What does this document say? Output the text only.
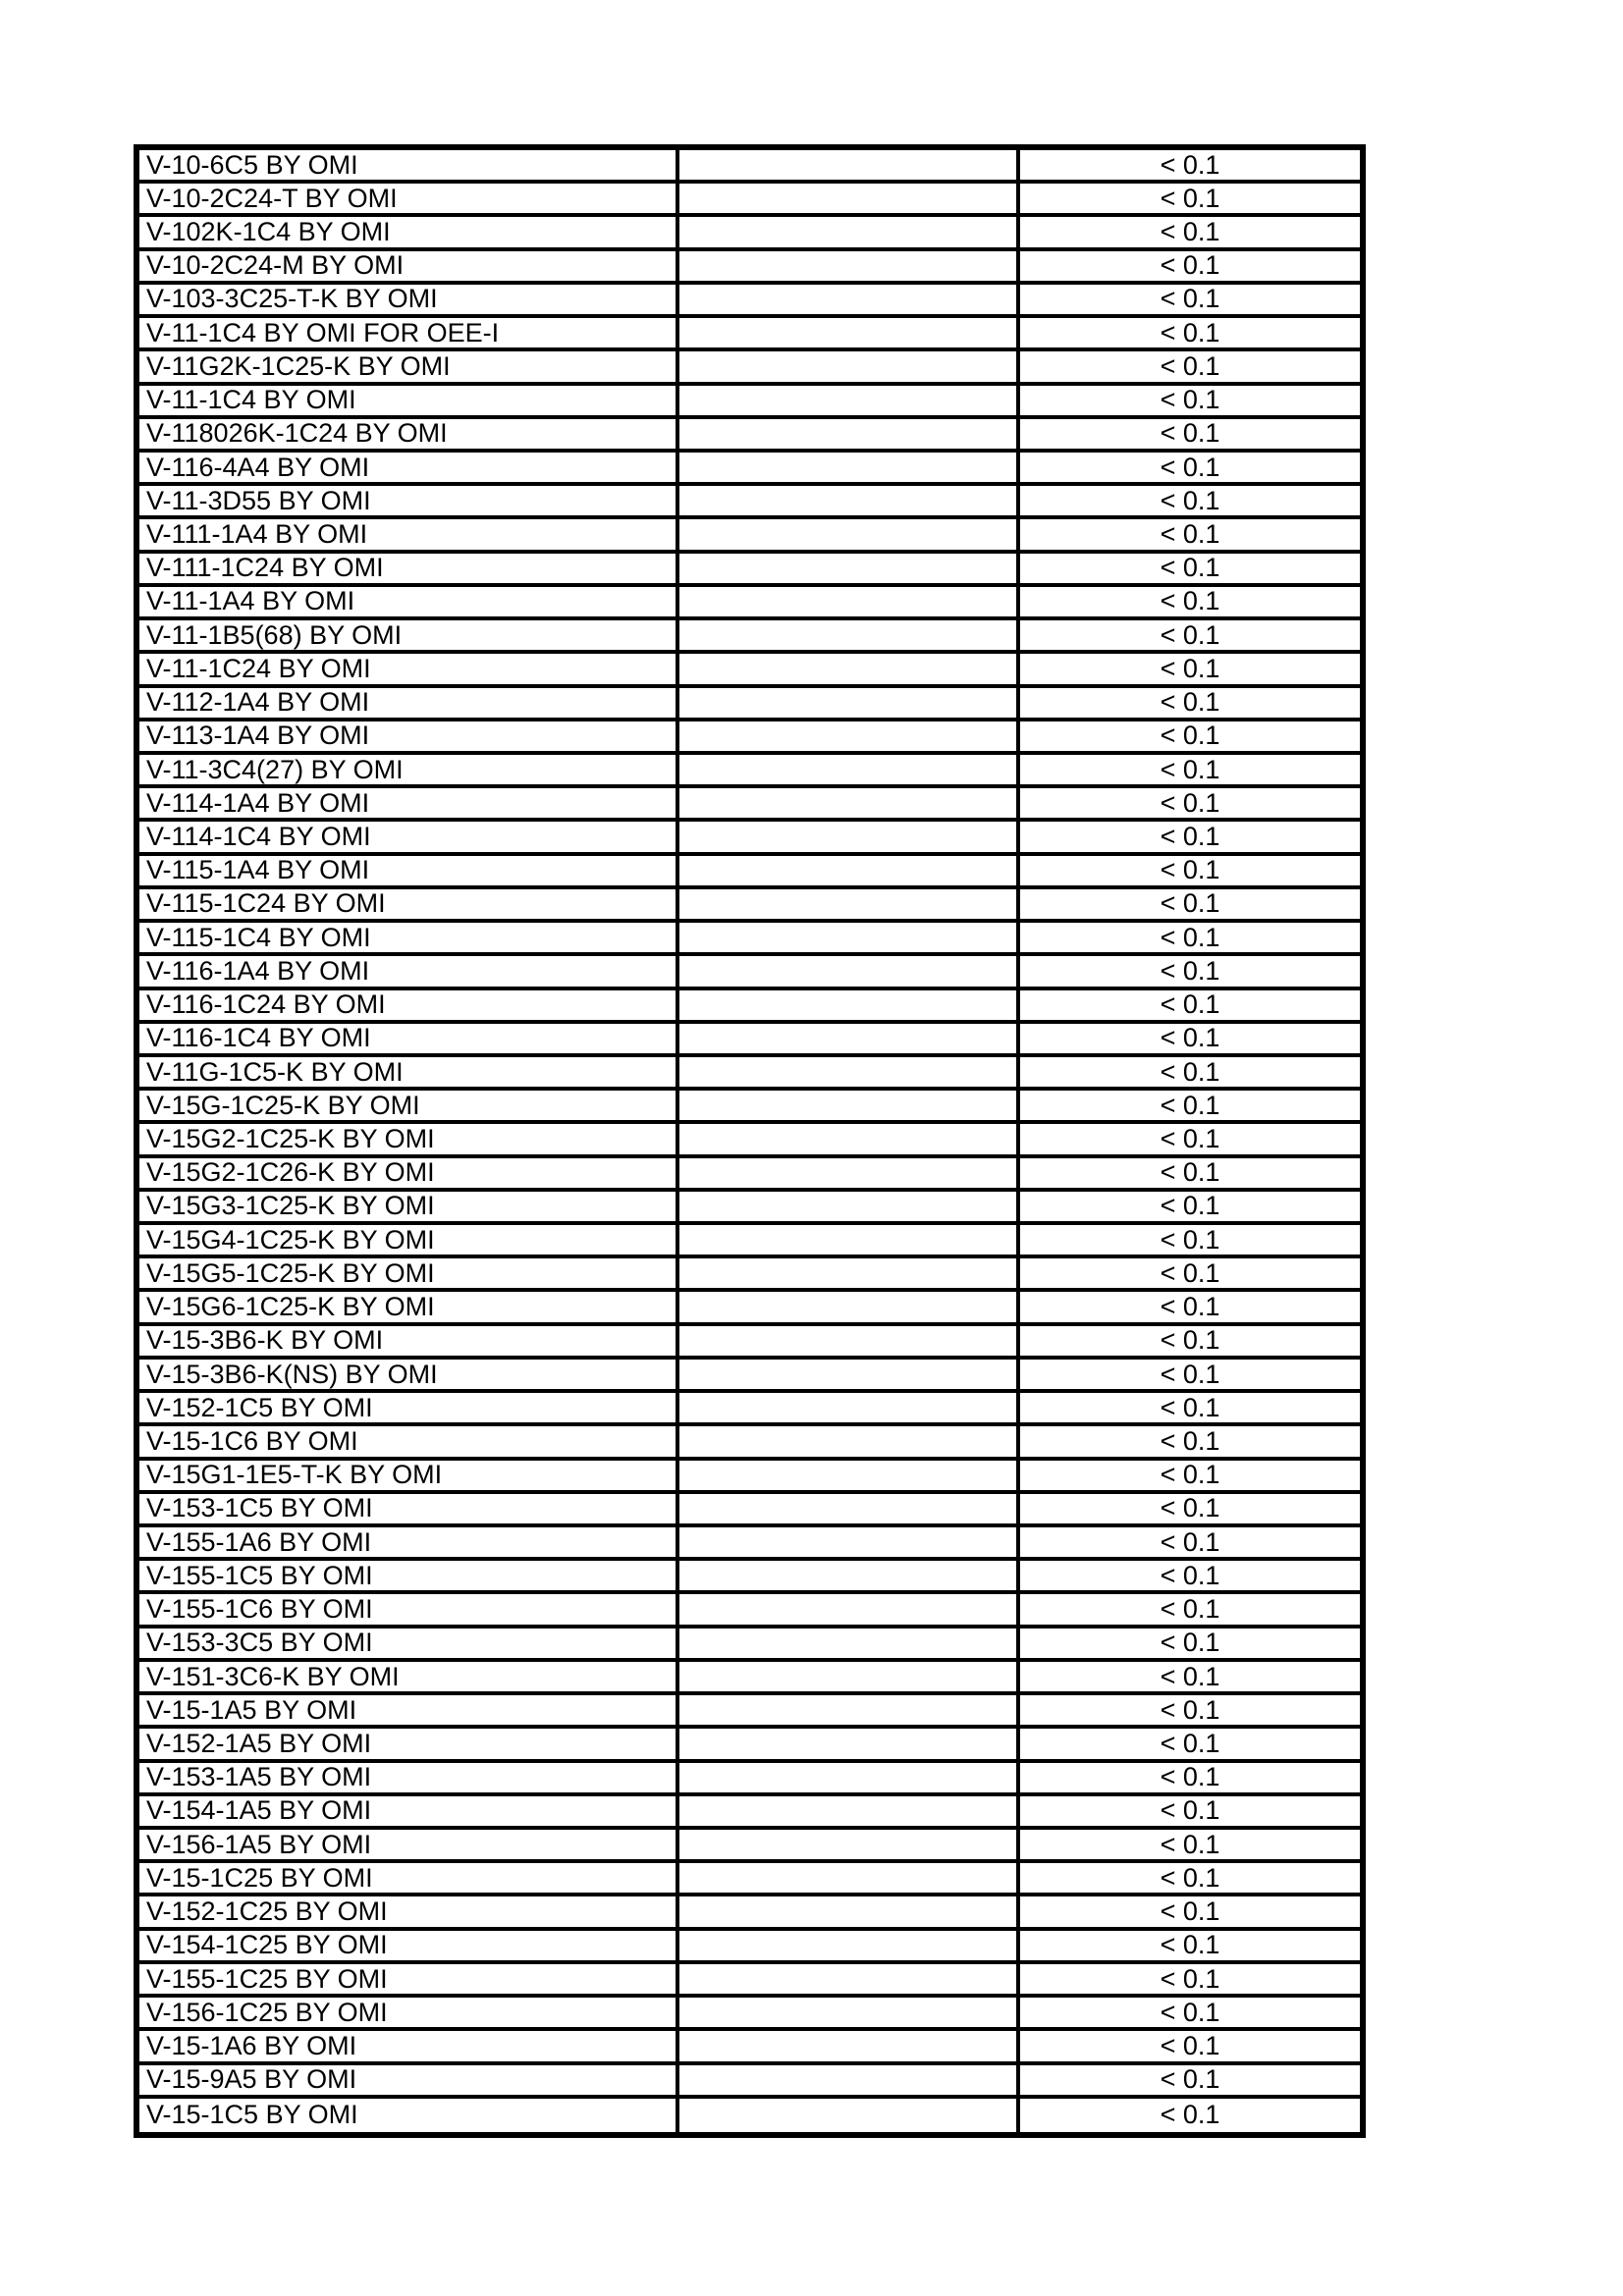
V-10-6C5 BY OMI	< 0.1
V-10-2C24-T BY OMI	< 0.1
V-102K-1C4 BY OMI	< 0.1
V-10-2C24-M BY OMI	< 0.1
V-103-3C25-T-K BY OMI	< 0.1
V-11-1C4 BY OMI FOR OEE-I	< 0.1
V-11G2K-1C25-K BY OMI	< 0.1
V-11-1C4 BY OMI	< 0.1
V-118026K-1C24 BY OMI	< 0.1
V-116-4A4 BY OMI	< 0.1
V-11-3D55 BY OMI	< 0.1
V-111-1A4 BY OMI	< 0.1
V-111-1C24 BY OMI	< 0.1
V-11-1A4 BY OMI	< 0.1
V-11-1B5(68) BY OMI	< 0.1
V-11-1C24 BY OMI	< 0.1
V-112-1A4 BY OMI	< 0.1
V-113-1A4 BY OMI	< 0.1
V-11-3C4(27) BY OMI	< 0.1
V-114-1A4 BY OMI	< 0.1
V-114-1C4 BY OMI	< 0.1
V-115-1A4 BY OMI	< 0.1
V-115-1C24 BY OMI	< 0.1
V-115-1C4 BY OMI	< 0.1
V-116-1A4 BY OMI	< 0.1
V-116-1C24 BY OMI	< 0.1
V-116-1C4 BY OMI	< 0.1
V-11G-1C5-K BY OMI	< 0.1
V-15G-1C25-K BY OMI	< 0.1
V-15G2-1C25-K BY OMI	< 0.1
V-15G2-1C26-K BY OMI	< 0.1
V-15G3-1C25-K BY OMI	< 0.1
V-15G4-1C25-K BY OMI	< 0.1
V-15G5-1C25-K BY OMI	< 0.1
V-15G6-1C25-K BY OMI	< 0.1
V-15-3B6-K BY OMI	< 0.1
V-15-3B6-K(NS) BY OMI	< 0.1
V-152-1C5 BY OMI	< 0.1
V-15-1C6 BY OMI	< 0.1
V-15G1-1E5-T-K BY OMI	< 0.1
V-153-1C5 BY OMI	< 0.1
V-155-1A6 BY OMI	< 0.1
V-155-1C5 BY OMI	< 0.1
V-155-1C6 BY OMI	< 0.1
V-153-3C5 BY OMI	< 0.1
V-151-3C6-K BY OMI	< 0.1
V-15-1A5 BY OMI	< 0.1
V-152-1A5 BY OMI	< 0.1
V-153-1A5 BY OMI	< 0.1
V-154-1A5 BY OMI	< 0.1
V-156-1A5 BY OMI	< 0.1
V-15-1C25 BY OMI	< 0.1
V-152-1C25 BY OMI	< 0.1
V-154-1C25 BY OMI	< 0.1
V-155-1C25 BY OMI	< 0.1
V-156-1C25 BY OMI	< 0.1
V-15-1A6 BY OMI	< 0.1
V-15-9A5 BY OMI	< 0.1
V-15-1C5 BY OMI	< 0.1
